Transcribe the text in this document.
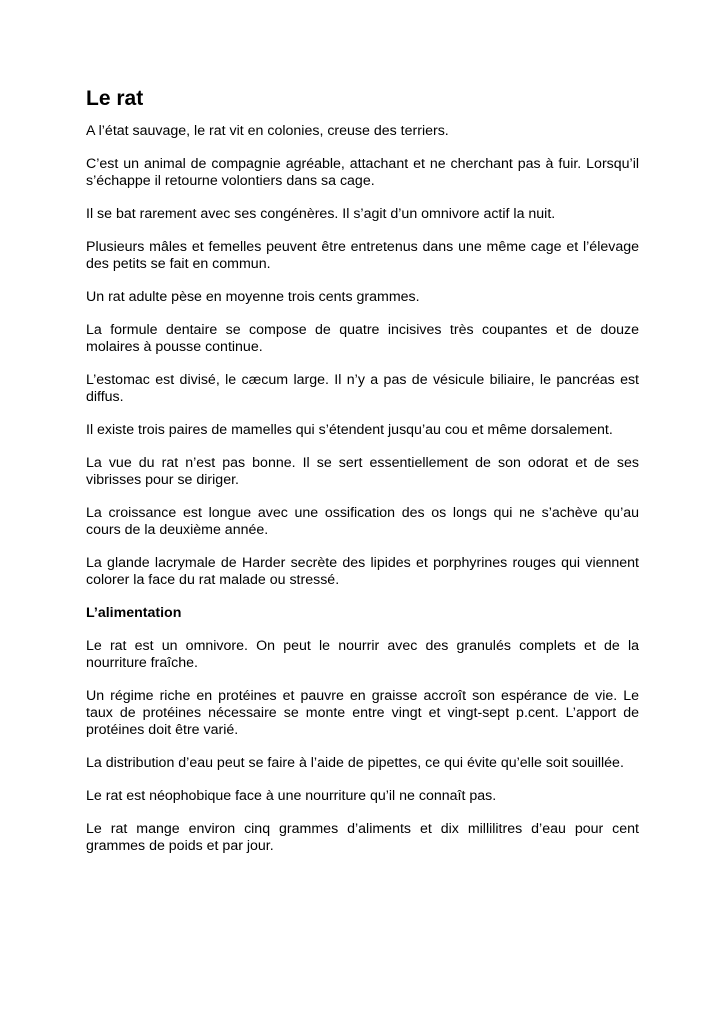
Le rat

A l’état sauvage, le rat vit en colonies, creuse des terriers.

C’est un animal de compagnie agréable, attachant et ne cherchant pas à fuir. Lorsqu’il s’échappe il retourne volontiers dans sa cage.

Il se bat rarement avec ses congénères. Il s’agit d’un omnivore actif la nuit.

Plusieurs mâles et femelles peuvent être entretenus dans une même cage et l’élevage des petits se fait en commun.

Un rat adulte pèse en moyenne trois cents grammes.

La formule dentaire se compose de quatre incisives très coupantes et de douze molaires à pousse continue.

L’estomac est divisé, le cæcum large. Il n’y a pas de vésicule biliaire, le pancréas est diffus.

Il existe trois paires de mamelles qui s’étendent jusqu’au cou et même dorsalement.

La vue du rat n’est pas bonne. Il se sert essentiellement de son odorat et de ses vibrisses pour se diriger.

La croissance est longue avec une ossification des os longs qui ne s’achève qu’au cours de la deuxième année.

La glande lacrymale de Harder secrète des lipides et porphyrines rouges qui viennent colorer la face du rat malade ou stressé.

L’alimentation

Le rat est un omnivore. On peut le nourrir avec des granulés complets et de la nourriture fraîche.

Un régime riche en protéines et pauvre en graisse accroît son espérance de vie. Le taux de protéines nécessaire se monte entre vingt et vingt-sept p.cent. L’apport de protéines doit être varié.

La distribution d’eau peut se faire à l’aide de pipettes, ce qui évite qu’elle soit souillée.

Le rat est néophobique face à une nourriture qu’il ne connaît pas.

Le rat mange environ cinq grammes d’aliments et dix millilitres d’eau pour cent grammes de poids et par jour.
